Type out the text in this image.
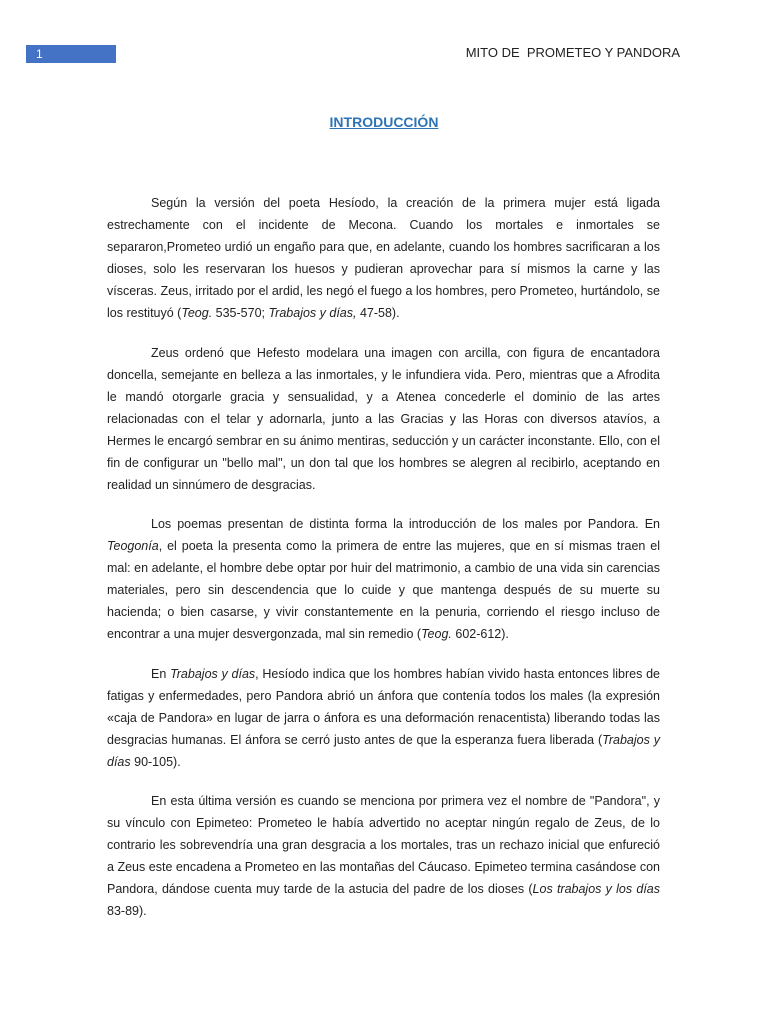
1	MITO DE  PROMETEO Y PANDORA
INTRODUCCIÓN

Según la versión del poeta Hesíodo, la creación de la primera mujer está ligada estrechamente con el incidente de Mecona. Cuando los mortales e inmortales se separaron,Prometeo urdió un engaño para que, en adelante, cuando los hombres sacrificaran a los dioses, solo les reservaran los huesos y pudieran aprovechar para sí mismos la carne y las vísceras. Zeus, irritado por el ardid, les negó el fuego a los hombres, pero Prometeo, hurtándolo, se los restituyó (Teog. 535-570; Trabajos y días, 47-58).

Zeus ordenó que Hefesto modelara una imagen con arcilla, con figura de encantadora doncella, semejante en belleza a las inmortales, y le infundiera vida. Pero, mientras que a Afrodita le mandó otorgarle gracia y sensualidad, y a Atenea concederle el dominio de las artes relacionadas con el telar y adornarla, junto a las Gracias y las Horas con diversos atavíos, a Hermes le encargó sembrar en su ánimo mentiras, seducción y un carácter inconstante. Ello, con el fin de configurar un "bello mal", un don tal que los hombres se alegren al recibirlo, aceptando en realidad un sinnúmero de desgracias.

Los poemas presentan de distinta forma la introducción de los males por Pandora. En Teogonía, el poeta la presenta como la primera de entre las mujeres, que en sí mismas traen el mal: en adelante, el hombre debe optar por huir del matrimonio, a cambio de una vida sin carencias materiales, pero sin descendencia que lo cuide y que mantenga después de su muerte su hacienda; o bien casarse, y vivir constantemente en la penuria, corriendo el riesgo incluso de encontrar a una mujer desvergonzada, mal sin remedio (Teog. 602-612).

En Trabajos y días, Hesíodo indica que los hombres habían vivido hasta entonces libres de fatigas y enfermedades, pero Pandora abrió un ánfora que contenía todos los males (la expresión «caja de Pandora» en lugar de jarra o ánfora es una deformación renacentista) liberando todas las desgracias humanas. El ánfora se cerró justo antes de que la esperanza fuera liberada (Trabajos y días 90-105).

En esta última versión es cuando se menciona por primera vez el nombre de "Pandora", y su vínculo con Epimeteo: Prometeo le había advertido no aceptar ningún regalo de Zeus, de lo contrario les sobrevendría una gran desgracia a los mortales, tras un rechazo inicial que enfureció a Zeus este encadena a Prometeo en las montañas del Cáucaso. Epimeteo termina casándose con Pandora, dándose cuenta muy tarde de la astucia del padre de los dioses (Los trabajos y los días 83-89).
